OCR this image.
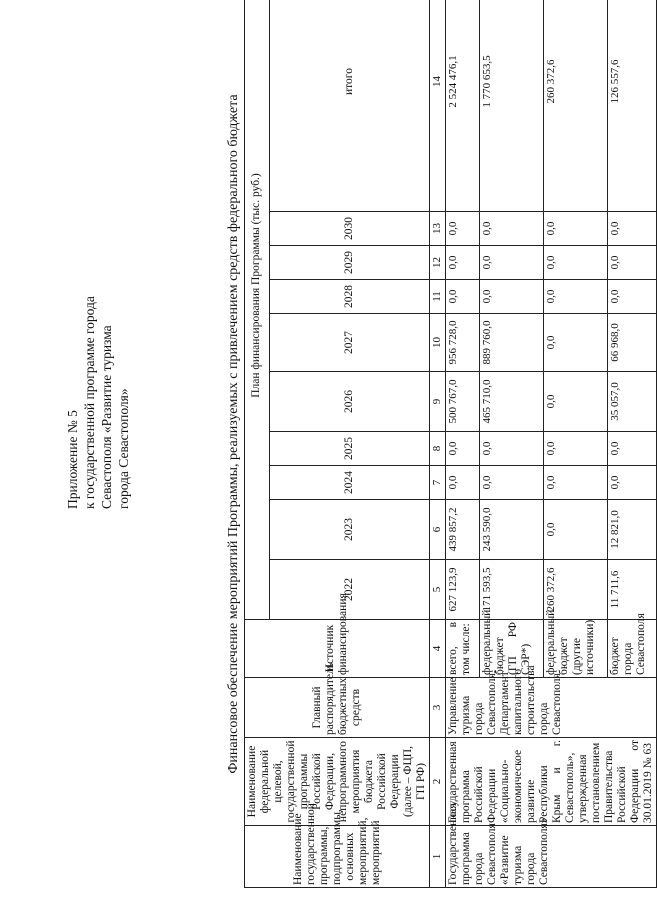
Приложение № 5 к государственной программе города Севастополя «Развитие туризма города Севастополя»	Финансовое обеспечение мероприятий Программы, реализуемых с привлечением средств федерального бюджета
Наименование государственной программы, подпрограммы, основных мероприятий, мероприятий	Наименование федеральной целевой, государственной программы Российской Федерации, непрограммного мероприятия бюджета Российской Федерации (далее – ФЦП, ГП РФ)	Главный распорядитель бюджетных средств	Источник финансирования	План финансирования Программы (тыс. руб.)									
				2022	2023	2024	2025	2026	2027	2028	2029	2030	итого
1	2	3	4	5	6	7	8	9	10	11	12	13	14
Государственная программа города Севастополя «Развитие туризма города Севастополя»	Государственная программа Российской Федерации «Социально-экономическое развитие Республики Крым и г. Севастополь», утвержденная постановлением Правительства Российской Федерации от 30.01.2019 № 63	Управление туризма города Севастополя, Департамент капитального строительства города Севастополя	всего, в том числе:	627 123,9	439 857,2	0,0	0,0	500 767,0	956 728,0	0,0	0,0	0,0	2 524 476,1
			федеральный бюджет (ГП РФ СЭР*)	171 593,5	243 590,0	0,0	0,0	465 710,0	889 760,0	0,0	0,0	0,0	1 770 653,5
			федеральный бюджет (другие источники)	260 372,6	0,0	0,0	0,0	0,0	0,0	0,0	0,0	0,0	260 372,6
			бюджет города Севастополя	11 711,6	12 821,0	0,0	0,0	35 057,0	66 968,0	0,0	0,0	0,0	126 557,6
